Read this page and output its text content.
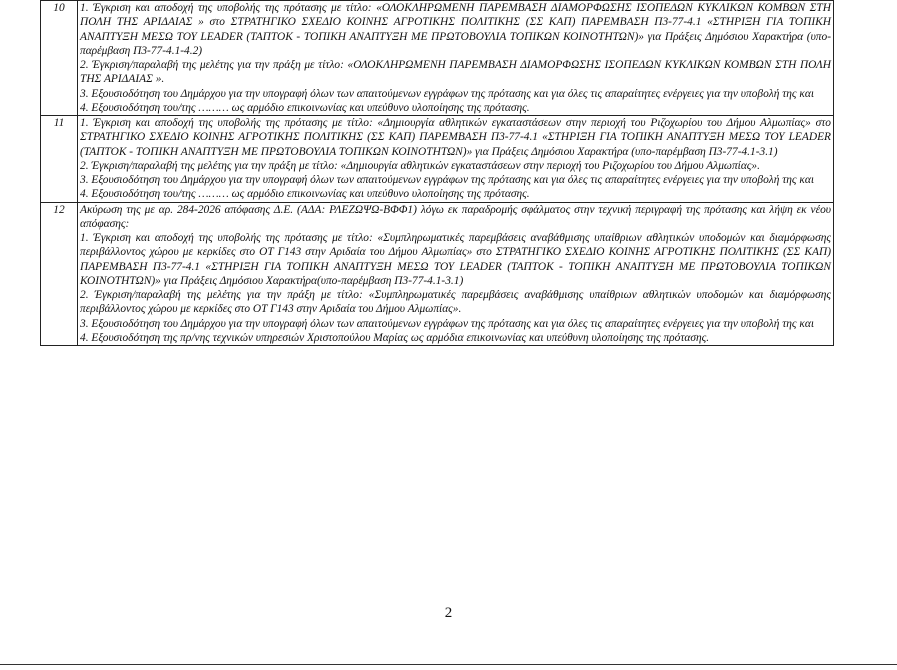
10	1. Έγκριση και αποδοχή της υποβολής της πρότασης με τίτλο: «ΟΛΟΚΛΗΡΩΜΕΝΗ ΠΑΡΕΜΒΑΣΗ ΔΙΑΜΟΡΦΩΣΗΣ ΙΣΟΠΕΔΩΝ ΚΥΚΛΙΚΩΝ ΚΟΜΒΩΝ ΣΤΗ ΠΟΛΗ ΤΗΣ ΑΡΙΔΑΙΑΣ » στο ΣΤΡΑΤΗΓΙΚΟ ΣΧΕΔΙΟ ΚΟΙΝΗΣ ΑΓΡΟΤΙΚΗΣ ΠΟΛΙΤΙΚΗΣ (ΣΣ ΚΑΠ) ΠΑΡΕΜΒΑΣΗ Π3-77-4.1 «ΣΤΗΡΙΞΗ ΓΙΑ ΤΟΠΙΚΗ ΑΝΑΠΤΥΞΗ ΜΕΣΩ ΤΟΥ LEADER (ΤΑΠΤΟΚ - ΤΟΠΙΚΗ ΑΝΑΠΤΥΞΗ ΜΕ ΠΡΩΤΟΒΟΥΛΙΑ ΤΟΠΙΚΩΝ ΚΟΙΝΟΤΗΤΩΝ)» για Πράξεις Δημόσιου Χαρακτήρα (υπο-παρέμβαση Π3-77-4.1-4.2)
2. Έγκριση/παραλαβή της μελέτης για την πράξη με τίτλο: «ΟΛΟΚΛΗΡΩΜΕΝΗ ΠΑΡΕΜΒΑΣΗ ΔΙΑΜΟΡΦΩΣΗΣ ΙΣΟΠΕΔΩΝ ΚΥΚΛΙΚΩΝ ΚΟΜΒΩΝ ΣΤΗ ΠΟΛΗ ΤΗΣ ΑΡΙΔΑΙΑΣ ».
3. Εξουσιοδότηση του Δημάρχου για την υπογραφή όλων των απαιτούμενων εγγράφων της πρότασης και για όλες τις απαραίτητες ενέργειες για την υποβολή της και
4. Εξουσιοδότηση του/της ……… ως αρμόδιο επικοινωνίας και υπεύθυνο υλοποίησης της πρότασης.

11	1. Έγκριση και αποδοχή της υποβολής της πρότασης με τίτλο: «Δημιουργία αθλητικών εγκαταστάσεων στην περιοχή του Ριζοχωρίου του Δήμου Αλμωπίας» στο ΣΤΡΑΤΗΓΙΚΟ ΣΧΕΔΙΟ ΚΟΙΝΗΣ ΑΓΡΟΤΙΚΗΣ ΠΟΛΙΤΙΚΗΣ (ΣΣ ΚΑΠ) ΠΑΡΕΜΒΑΣΗ Π3-77-4.1 «ΣΤΗΡΙΞΗ ΓΙΑ ΤΟΠΙΚΗ ΑΝΑΠΤΥΞΗ ΜΕΣΩ ΤΟΥ LEADER (ΤΑΠΤΟΚ - ΤΟΠΙΚΗ ΑΝΑΠΤΥΞΗ ΜΕ ΠΡΩΤΟΒΟΥΛΙΑ ΤΟΠΙΚΩΝ ΚΟΙΝΟΤΗΤΩΝ)» για Πράξεις Δημόσιου Χαρακτήρα (υπο-παρέμβαση Π3-77-4.1-3.1)
2. Έγκριση/παραλαβή της μελέτης για την πράξη με τίτλο: «Δημιουργία αθλητικών εγκαταστάσεων στην περιοχή του Ριζοχωρίου του Δήμου Αλμωπίας».
3. Εξουσιοδότηση του Δημάρχου για την υπογραφή όλων των απαιτούμενων εγγράφων της πρότασης και για όλες τις απαραίτητες ενέργειες για την υποβολή της και
4. Εξουσιοδότηση του/της ……… ως αρμόδιο επικοινωνίας και υπεύθυνο υλοποίησης της πρότασης.

12	Ακύρωση της με αρ. 284-2026 απόφασης Δ.Ε. (ΑΔΑ: ΡΛΕΖΩΨΩ-ΒΦΦ1) λόγω εκ παραδρομής σφάλματος στην τεχνική περιγραφή της πρότασης και λήψη εκ νέου απόφασης:
1. Έγκριση και αποδοχή της υποβολής της πρότασης με τίτλο: «Συμπληρωματικές παρεμβάσεις αναβάθμισης υπαίθριων αθλητικών υποδομών και διαμόρφωσης περιβάλλοντος χώρου με κερκίδες στο ΟΤ Γ143 στην Αριδαία του Δήμου Αλμωπίας» στο ΣΤΡΑΤΗΓΙΚΟ ΣΧΕΔΙΟ ΚΟΙΝΗΣ ΑΓΡΟΤΙΚΗΣ ΠΟΛΙΤΙΚΗΣ (ΣΣ ΚΑΠ) ΠΑΡΕΜΒΑΣΗ Π3-77-4.1 «ΣΤΗΡΙΞΗ ΓΙΑ ΤΟΠΙΚΗ ΑΝΑΠΤΥΞΗ ΜΕΣΩ ΤΟΥ LEADER (ΤΑΠΤΟΚ - ΤΟΠΙΚΗ ΑΝΑΠΤΥΞΗ ΜΕ ΠΡΩΤΟΒΟΥΛΙΑ ΤΟΠΙΚΩΝ ΚΟΙΝΟΤΗΤΩΝ)» για Πράξεις Δημόσιου Χαρακτήρα(υπο-παρέμβαση Π3-77-4.1-3.1)
2. Έγκριση/παραλαβή της μελέτης για την πράξη με τίτλο: «Συμπληρωματικές παρεμβάσεις αναβάθμισης υπαίθριων αθλητικών υποδομών και διαμόρφωσης περιβάλλοντος χώρου με κερκίδες στο ΟΤ Γ143 στην Αριδαία του Δήμου Αλμωπίας».
3. Εξουσιοδότηση του Δημάρχου για την υπογραφή όλων των απαιτούμενων εγγράφων της πρότασης και για όλες τις απαραίτητες ενέργειες για την υποβολή της και
4. Εξουσιοδότηση της πρ/νης τεχνικών υπηρεσιών Χριστοπούλου Μαρίας ως αρμόδια επικοινωνίας και υπεύθυνη υλοποίησης της πρότασης.
2
